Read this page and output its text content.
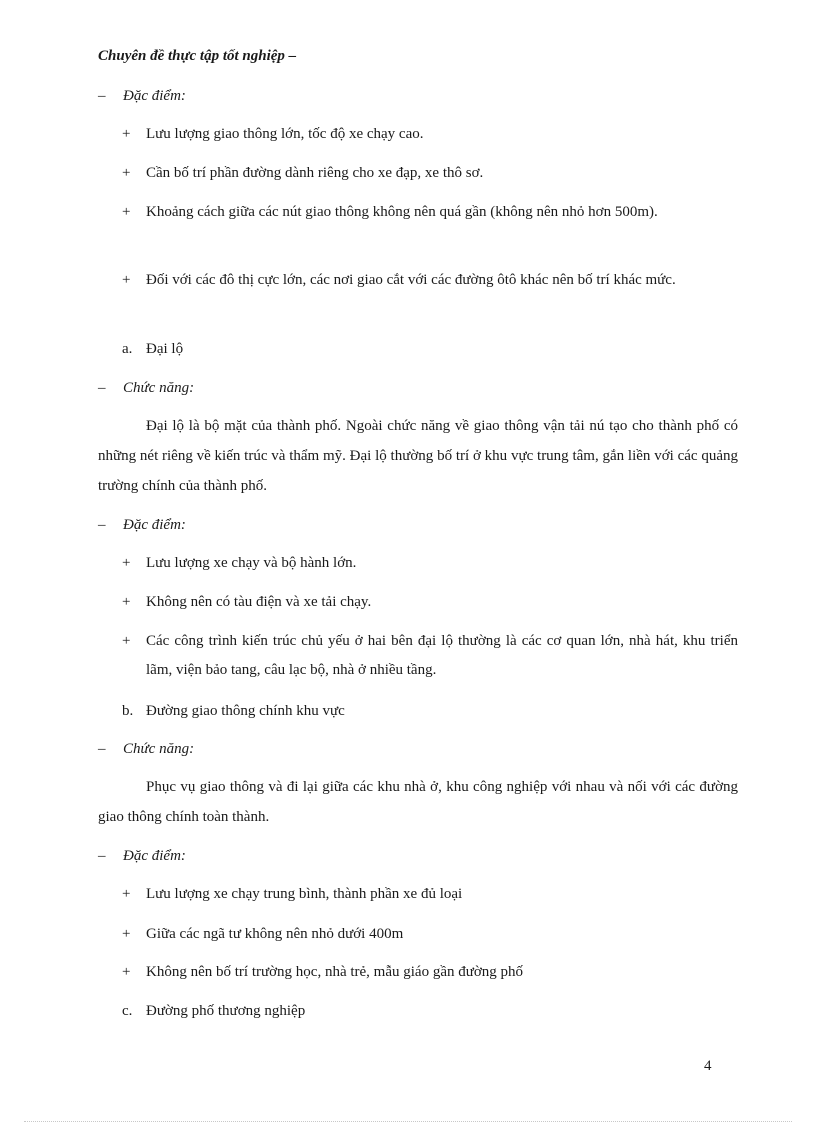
Chuyên đề thực tập tốt nghiệp –
– Đặc điểm:
+ Lưu lượng giao thông lớn, tốc độ xe chạy cao.
+ Cần bố trí phần đường dành riêng cho xe đạp, xe thô sơ.
+ Khoảng cách giữa các nút giao thông không nên quá gần (không nên nhỏ hơn 500m).
+ Đối với các đô thị cực lớn, các nơi giao cắt với các đường ôtô khác nên bố trí khác mức.
a. Đại lộ
– Chức năng:
Đại lộ là bộ mặt của thành phố. Ngoài chức năng về giao thông vận tải nú tạo cho thành phố có những nét riêng về kiến trúc và thẩm mỹ. Đại lộ thường bố trí ở khu vực trung tâm, gắn liền với các quảng trường chính của thành phố.
– Đặc điểm:
+ Lưu lượng xe chạy và bộ hành lớn.
+ Không nên có tàu điện và xe tải chạy.
+ Các công trình kiến trúc chủ yếu ở hai bên đại lộ thường là các cơ quan lớn, nhà hát, khu triển lãm, viện bảo tang, câu lạc bộ, nhà ở nhiều tầng.
b. Đường giao thông chính khu vực
– Chức năng:
Phục vụ giao thông và đi lại giữa các khu nhà ở, khu công nghiệp với nhau và nối với các đường giao thông chính toàn thành.
– Đặc điểm:
+ Lưu lượng xe chạy trung bình, thành phần xe đủ loại
+ Giữa các ngã tư không nên nhỏ dưới 400m
+ Không nên bố trí trường học, nhà trẻ, mẫu giáo gần đường phố
c. Đường phố thương nghiệp
4
